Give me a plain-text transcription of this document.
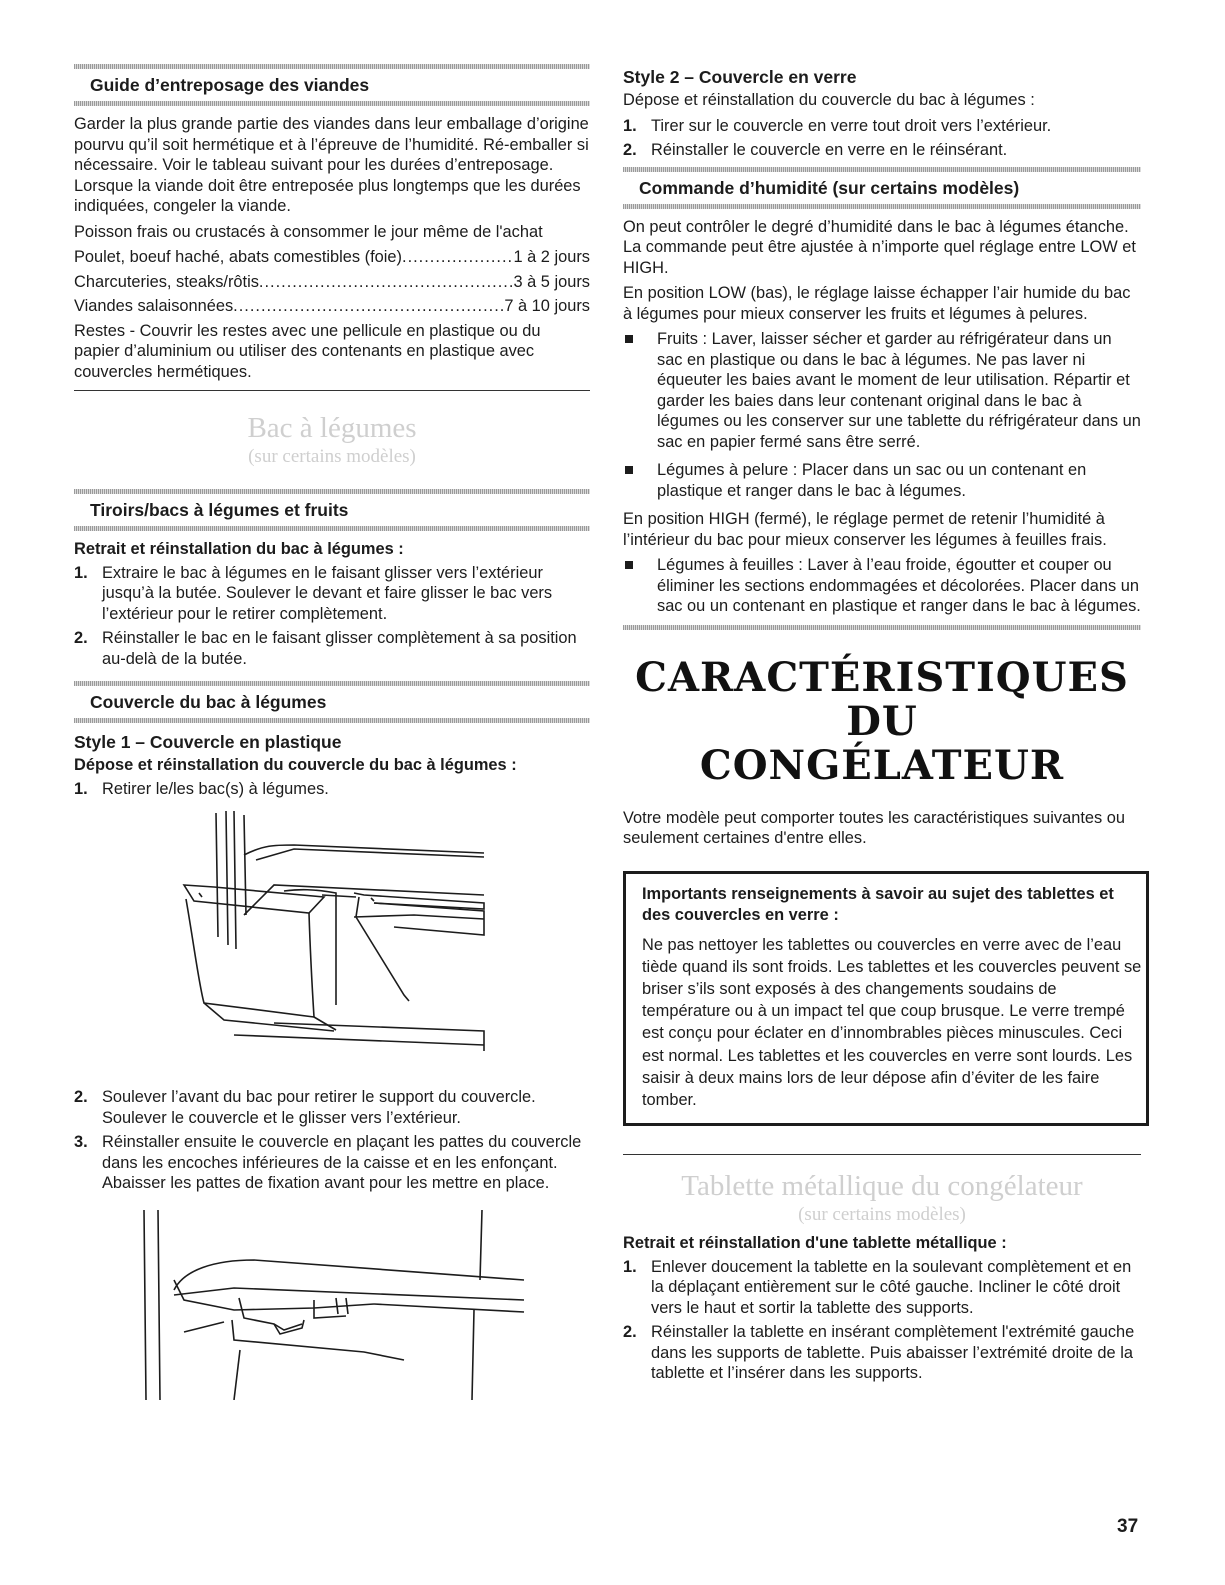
Guide d’entreposage des viandes

Garder la plus grande partie des viandes dans leur emballage d’origine pourvu qu’il soit hermétique et à l’épreuve de l’humidité. Ré-emballer si nécessaire. Voir le tableau suivant pour les durées d’entreposage. Lorsque la viande doit être entreposée plus longtemps que les durées indiquées, congeler la viande.

Poisson frais ou crustacés à consommer le jour même de l'achat

Poulet, boeuf haché, abats comestibles (foie) .....	1 à 2 jours
Charcuteries, steaks/rôtis .....	3 à 5 jours
Viandes salaisonnées .....	7 à 10 jours

Restes - Couvrir les restes avec une pellicule en plastique ou du papier d’aluminium ou utiliser des contenants en plastique avec couvercles hermétiques.

Bac à légumes
(sur certains modèles)
Tiroirs/bacs à légumes et fruits
Retrait et réinstallation du bac à légumes :
1. Extraire le bac à légumes en le faisant glisser vers l’extérieur jusqu’à la butée. Soulever le devant et faire glisser le bac vers l’extérieur pour le retirer complètement.
2. Réinstaller le bac en le faisant glisser complètement à sa position au-delà de la butée.
Couvercle du bac à légumes
Style 1 – Couvercle en plastique
Dépose et réinstallation du couvercle du bac à légumes :
1. Retirer le/les bac(s) à légumes.
2. Soulever l’avant du bac pour retirer le support du couvercle. Soulever le couvercle et le glisser vers l’extérieur.
3. Réinstaller ensuite le couvercle en plaçant les pattes du couvercle dans les encoches inférieures de la caisse et en les enfonçant. Abaisser les pattes de fixation avant pour les mettre en place.
Style 2 – Couvercle en verre

Dépose et réinstallation du couvercle du bac à légumes :

1. Tirer sur le couvercle en verre tout droit vers l’extérieur.
2. Réinstaller le couvercle en verre en le réinsérant.
Commande d’humidité (sur certains modèles)

On peut contrôler le degré d’humidité dans le bac à légumes étanche. La commande peut être ajustée à n’importe quel réglage entre LOW et HIGH.

En position LOW (bas), le réglage laisse échapper l’air humide du bac à légumes pour mieux conserver les fruits et légumes à pelures.

Fruits : Laver, laisser sécher et garder au réfrigérateur dans un sac en plastique ou dans le bac à légumes. Ne pas laver ni équeuter les baies avant le moment de leur utilisation. Répartir et garder les baies dans leur contenant original dans le bac à légumes ou les conserver sur une tablette du réfrigérateur dans un sac en papier fermé sans être serré.
Légumes à pelure : Placer dans un sac ou un contenant en plastique et ranger dans le bac à légumes.

En position HIGH (fermé), le réglage permet de retenir l’humidité à l’intérieur du bac pour mieux conserver les légumes à feuilles frais.

Légumes à feuilles : Laver à l’eau froide, égoutter et couper ou éliminer les sections endommagées et décolorées. Placer dans un sac ou un contenant en plastique et ranger dans le bac à légumes.
CARACTÉRISTIQUES DU
CONGÉLATEUR

Votre modèle peut comporter toutes les caractéristiques suivantes ou seulement certaines d'entre elles.

Importants renseignements à savoir au sujet des tablettes et des couvercles en verre :

Ne pas nettoyer les tablettes ou couvercles en verre avec de l’eau tiède quand ils sont froids. Les tablettes et les couvercles peuvent se briser s’ils sont exposés à des changements soudains de température ou à un impact tel que coup brusque. Le verre trempé est conçu pour éclater en d’innombrables pièces minuscules. Ceci est normal. Les tablettes et les couvercles en verre sont lourds. Les saisir à deux mains lors de leur dépose afin d’éviter de les faire tomber.

Tablette métallique du congélateur
(sur certains modèles)
Retrait et réinstallation d'une tablette métallique :
1. Enlever doucement la tablette en la soulevant complètement et en la déplaçant entièrement sur le côté gauche. Incliner le côté droit vers le haut et sortir la tablette des supports.
2. Réinstaller la tablette en insérant complètement l'extrémité gauche dans les supports de tablette. Puis abaisser l’extrémité droite de la tablette et l’insérer dans les supports.
37
